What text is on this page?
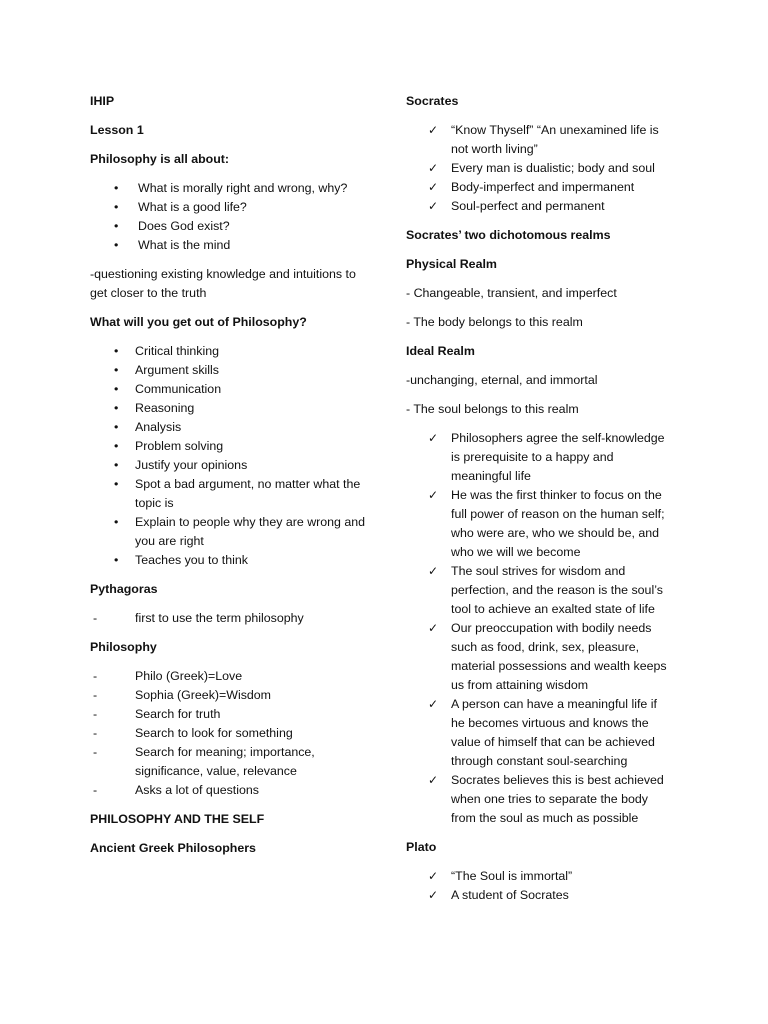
IHIP
Lesson 1
Philosophy is all about:
• What is morally right and wrong, why?
• What is a good life?
• Does God exist?
• What is the mind
-questioning existing knowledge and intuitions to get closer to the truth
What will you get out of Philosophy?
• Critical thinking
• Argument skills
• Communication
• Reasoning
• Analysis
• Problem solving
• Justify your opinions
• Spot a bad argument, no matter what the topic is
• Explain to people why they are wrong and you are right
• Teaches you to think
Pythagoras
-	first to use the term philosophy
Philosophy
-	Philo (Greek)=Love
-	Sophia (Greek)=Wisdom
-	Search for truth
-	Search to look for something
-	Search for meaning; importance, significance, value, relevance
-	Asks a lot of questions
PHILOSOPHY AND THE SELF
Ancient Greek Philosophers
Socrates
✓ “Know Thyself” “An unexamined life is not worth living”
✓ Every man is dualistic; body and soul
✓ Body-imperfect and impermanent
✓ Soul-perfect and permanent
Socrates’ two dichotomous realms
Physical Realm
- Changeable, transient, and imperfect
- The body belongs to this realm
Ideal Realm
-unchanging, eternal, and immortal
- The soul belongs to this realm
✓ Philosophers agree the self-knowledge is prerequisite to a happy and meaningful life
✓ He was the first thinker to focus on the full power of reason on the human self; who were are, who we should be, and who we will we become
✓ The soul strives for wisdom and perfection, and the reason is the soul’s tool to achieve an exalted state of life
✓ Our preoccupation with bodily needs such as food, drink, sex, pleasure, material possessions and wealth keeps us from attaining wisdom
✓ A person can have a meaningful life if he becomes virtuous and knows the value of himself that can be achieved through constant soul-searching
✓ Socrates believes this is best achieved when one tries to separate the body from the soul as much as possible
Plato
✓ “The Soul is immortal”
✓ A student of Socrates
